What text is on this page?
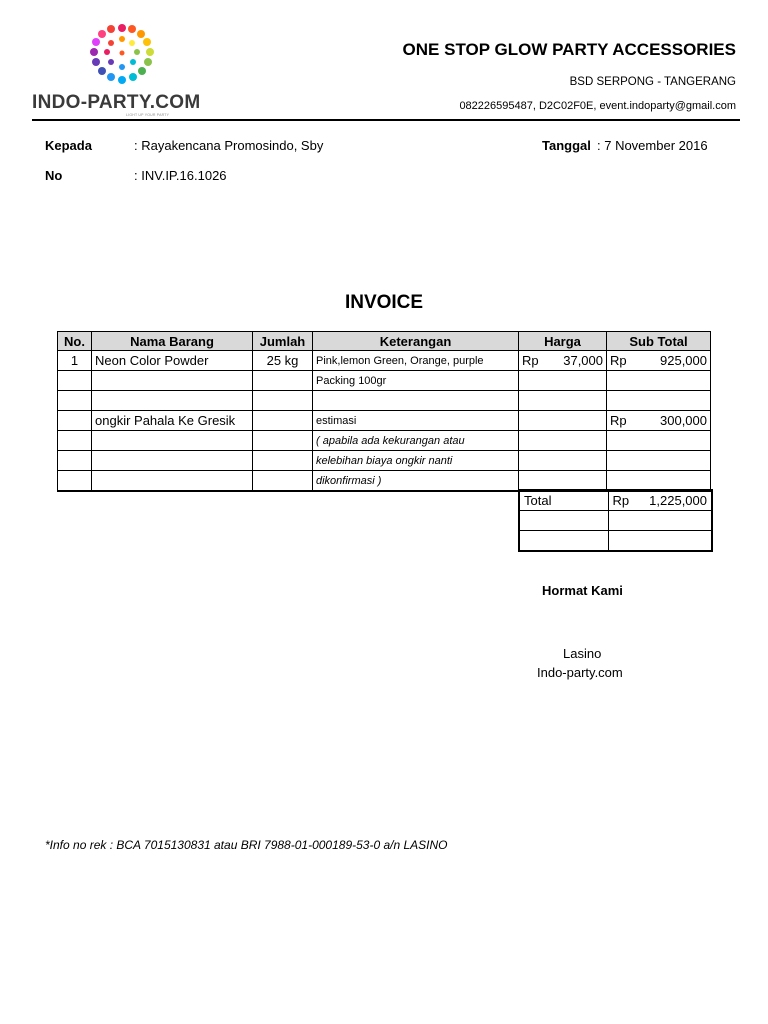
INDO-PARTY.COM
LIGHT UP YOUR PARTY
ONE STOP GLOW PARTY ACCESSORIES
BSD SERPONG - TANGERANG
082226595487, D2C02F0E, event.indoparty@gmail.com
Kepada	: Rayakencana Promosindo, Sby
No	: INV.IP.16.1026
Tanggal : 7 November 2016
INVOICE
No.	Nama Barang	Jumlah	Keterangan	Harga	Sub Total
1	Neon Color Powder	25 kg	Pink,lemon Green, Orange, purple	Rp 37,000	Rp 925,000

			Packing 100gr		

	ongkir Pahala Ke Gresik		estimasi		Rp 300,000

			( apabila ada kekurangan atau		
			kelebihan biaya ongkir nanti		
			dikonfirmasi )		
Total	Rp 1,225,000

Hormat Kami
Lasino
Indo-party.com
*Info no rek : BCA 7015130831 atau BRI 7988-01-000189-53-0 a/n LASINO
